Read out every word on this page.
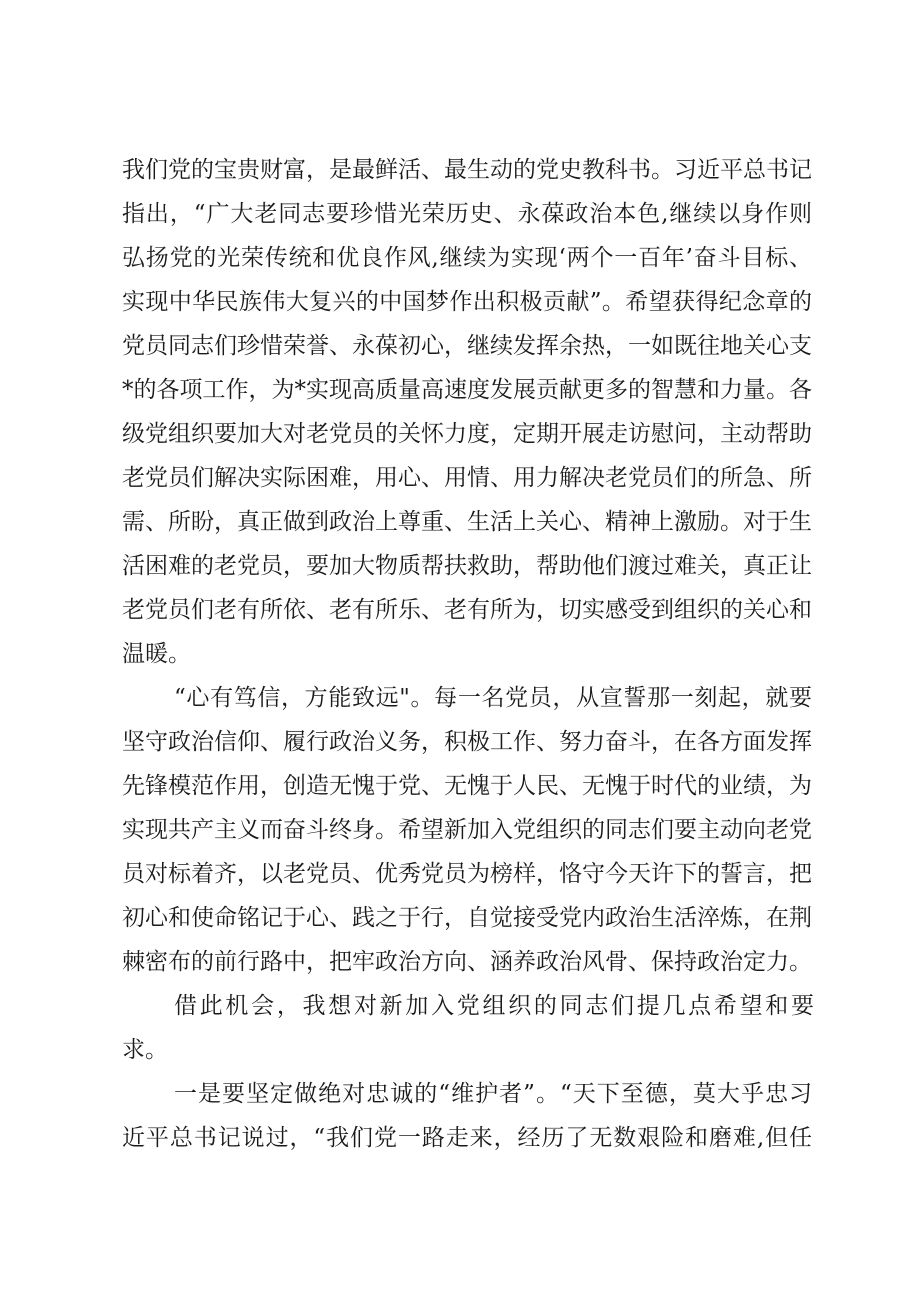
我们党的宝贵财富，是最鲜活、最生动的党史教科书。习近平总书记
指出，“广大老同志要珍惜光荣历史、永葆政治本色,继续以身作则
弘扬党的光荣传统和优良作风,继续为实现‘两个一百年’奋斗目标、
实现中华民族伟大复兴的中国梦作出积极贡献”。希望获得纪念章的
党员同志们珍惜荣誉、永葆初心，继续发挥余热，一如既往地关心支
*的各项工作，为*实现高质量高速度发展贡献更多的智慧和力量。各
级党组织要加大对老党员的关怀力度，定期开展走访慰问，主动帮助
老党员们解决实际困难，用心、用情、用力解决老党员们的所急、所
需、所盼，真正做到政治上尊重、生活上关心、精神上激励。对于生
活困难的老党员，要加大物质帮扶救助，帮助他们渡过难关，真正让
老党员们老有所依、老有所乐、老有所为，切实感受到组织的关心和
温暖。
“心有笃信，方能致远"。每一名党员，从宣誓那一刻起，就要
坚守政治信仰、履行政治义务，积极工作、努力奋斗，在各方面发挥
先锋模范作用，创造无愧于党、无愧于人民、无愧于时代的业绩，为
实现共产主义而奋斗终身。希望新加入党组织的同志们要主动向老党
员对标着齐，以老党员、优秀党员为榜样，恪守今天许下的誓言，把
初心和使命铭记于心、践之于行，自觉接受党内政治生活淬炼，在荆
棘密布的前行路中，把牢政治方向、涵养政治风骨、保持政治定力。
借此机会，我想对新加入党组织的同志们提几点希望和要
求。
一是要坚定做绝对忠诚的“维护者”。“天下至德，莫大乎忠习
近平总书记说过，“我们党一路走来，经历了无数艰险和磨难,但任
